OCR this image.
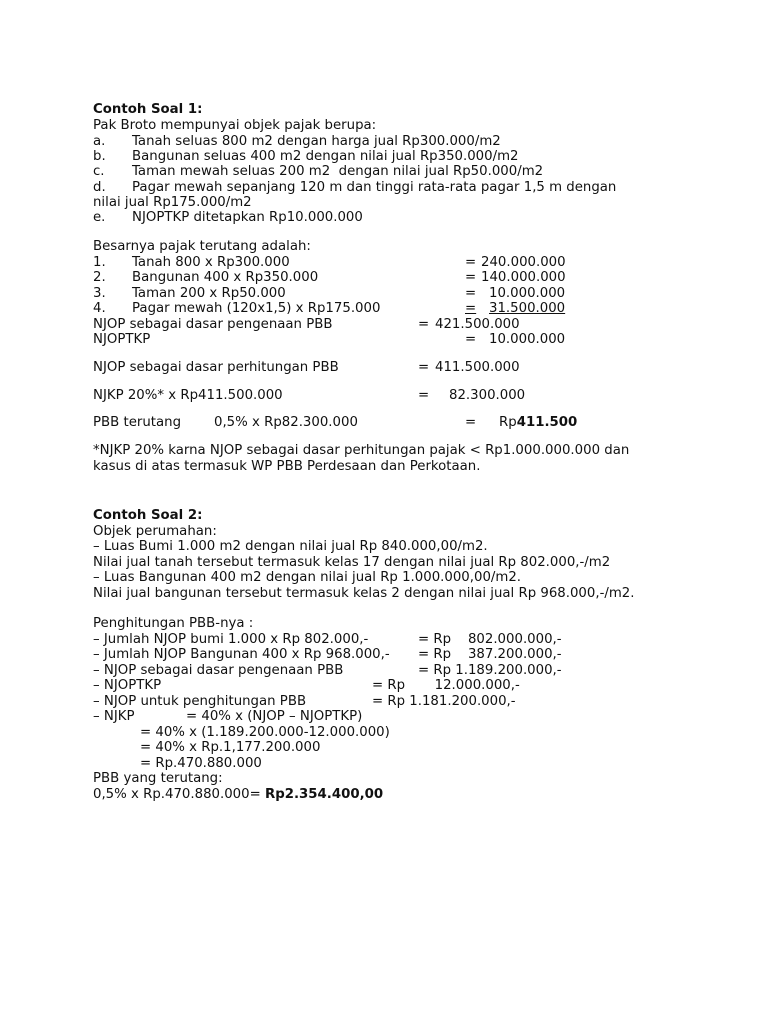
Contoh Soal 1:
Pak Broto mempunyai objek pajak berupa:
a. Tanah seluas 800 m2 dengan harga jual Rp300.000/m2
b. Bangunan seluas 400 m2 dengan nilai jual Rp350.000/m2
c. Taman mewah seluas 200 m2  dengan nilai jual Rp50.000/m2
d. Pagar mewah sepanjang 120 m dan tinggi rata-rata pagar 1,5 m dengan
nilai jual Rp175.000/m2
e. NJOPTKP ditetapkan Rp10.000.000
Besarnya pajak terutang adalah:
1. Tanah 800 x Rp300.000	= 240.000.000
2. Bangunan 400 x Rp350.000	= 140.000.000
3. Taman 200 x Rp50.000	= 10.000.000
4. Pagar mewah (120x1,5) x Rp175.000	= 31.500.000
NJOP sebagai dasar pengenaan PBB	= 421.500.000
NJOPTKP	= 10.000.000
NJOP sebagai dasar perhitungan PBB	= 411.500.000
NJKP 20%* x Rp411.500.000	= 82.300.000
PBB terutang 0,5% x Rp82.300.000	= Rp411.500
*NJKP 20% karna NJOP sebagai dasar perhitungan pajak < Rp1.000.000.000 dan
kasus di atas termasuk WP PBB Perdesaan dan Perkotaan.
Contoh Soal 2:
Objek perumahan:
– Luas Bumi 1.000 m2 dengan nilai jual Rp 840.000,00/m2.
Nilai jual tanah tersebut termasuk kelas 17 dengan nilai jual Rp 802.000,-/m2
– Luas Bangunan 400 m2 dengan nilai jual Rp 1.000.000,00/m2.
Nilai jual bangunan tersebut termasuk kelas 2 dengan nilai jual Rp 968.000,-/m2.
Penghitungan PBB-nya :
– Jumlah NJOP bumi 1.000 x Rp 802.000,-	= Rp    802.000.000,-
– Jumlah NJOP Bangunan 400 x Rp 968.000,- = Rp    387.200.000,-
– NJOP sebagai dasar pengenaan PBB	= Rp 1.189.200.000,-
– NJOPTKP	= Rp       12.000.000,-
– NJOP untuk penghitungan PBB	= Rp 1.181.200.000,-
– NJKP	= 40% x (NJOP – NJOPTKP)
= 40% x (1.189.200.000-12.000.000)
= 40% x Rp.1,177.200.000
= Rp.470.880.000
PBB yang terutang:
0,5% x Rp.470.880.000= Rp2.354.400,00
